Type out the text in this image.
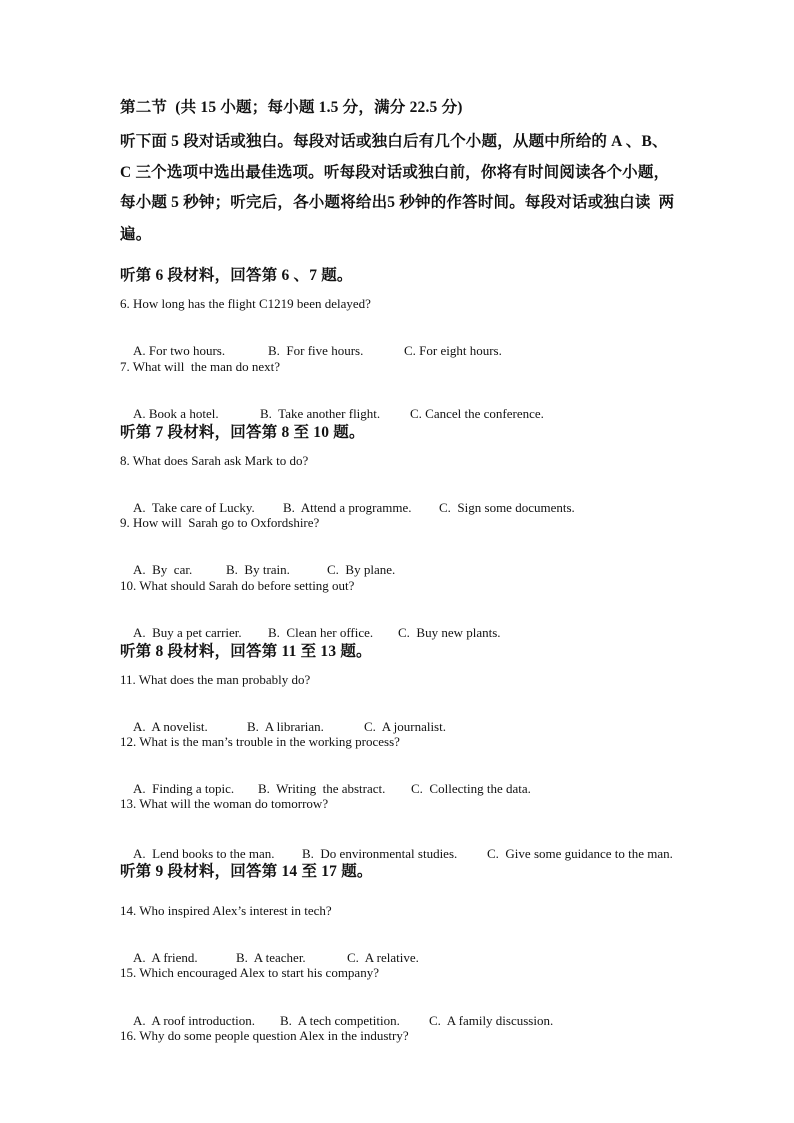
第二节  (共 15 小题；每小题 1.5 分，满分 22.5 分)
听下面 5 段对话或独白。每段对话或独白后有几个小题，从题中所给的 A 、B、
C 三个选项中选出最佳选项。听每段对话或独白前，你将有时间阅读各个小题，
每小题 5 秒钟；听完后，各小题将给出5 秒钟的作答时间。每段对话或独白读  两
遍。
听第 6 段材料，回答第 6 、7 题。
6. How long has the flight C1219 been delayed?

A. For two hours.	B.  For five hours.	C. For eight hours.

7. What will  the man do next?

A. Book a hotel.	B.  Take another flight. C. Cancel the conference.

听第 7 段材料，回答第 8 至 10 题。
8. What does Sarah ask Mark to do?

A.  Take care of Lucky. B.  Attend a programme. C.  Sign some documents.

9. How will  Sarah go to Oxfordshire?

A.  By  car.	B.  By train.	C.  By plane.

10. What should Sarah do before setting out?

A.  Buy a pet carrier. B.  Clean her office. C.  Buy new plants.

听第 8 段材料，回答第 11 至 13 题。
11. What does the man probably do?

A.  A novelist.	B.  A librarian.	C.  A journalist.

12. What is the man’s trouble in the working process?

A.  Finding a topic. B.  Writing  the abstract. C.  Collecting the data.

13. What will the woman do tomorrow?

A.  Lend books to the man. B.  Do environmental studies. C.  Give some guidance to the man.

听第 9 段材料，回答第 14 至 17 题。
14. Who inspired Alex’s interest in tech?

A.  A friend.	B.  A teacher.	C.  A relative.

15. Which encouraged Alex to start his company?

A.  A roof introduction. B.  A tech competition. C.  A family discussion.

16. Why do some people question Alex in the industry?
